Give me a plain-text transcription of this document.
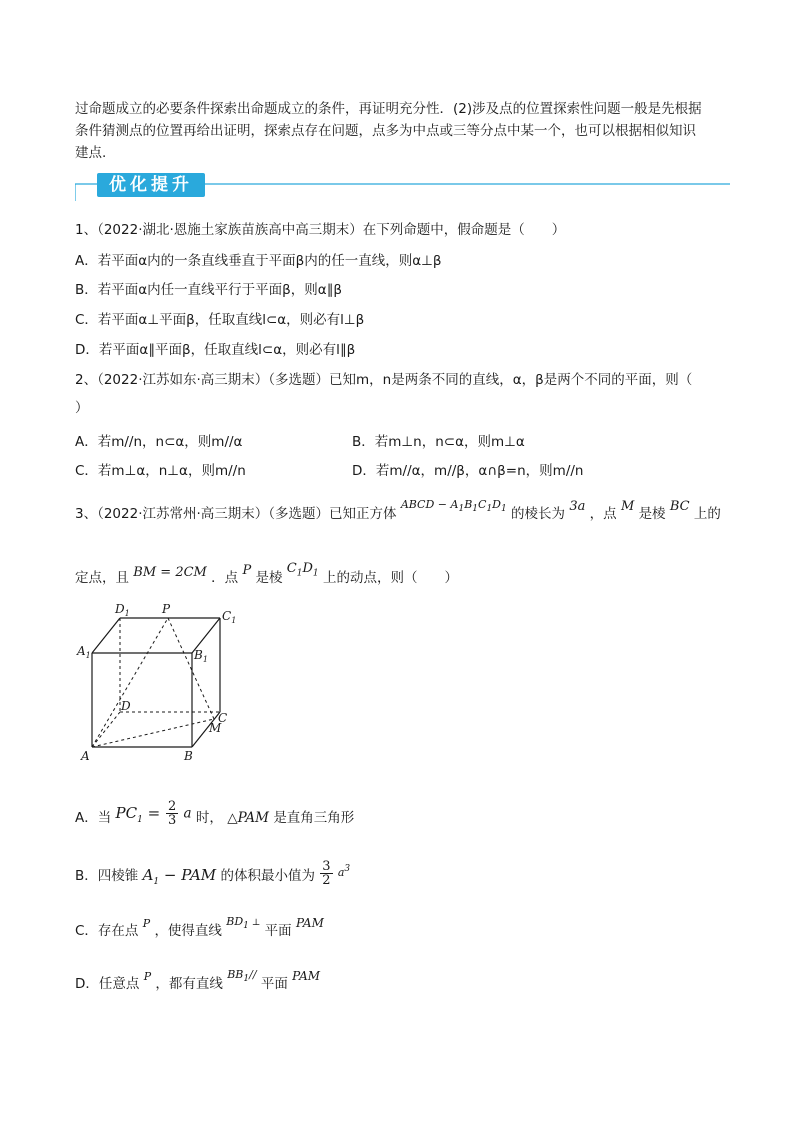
过命题成立的必要条件探索出命题成立的条件，再证明充分性．(2)涉及点的位置探索性问题一般是先根据
条件猜测点的位置再给出证明，探索点存在问题，点多为中点或三等分点中某一个，也可以根据相似知识
建点.
优化提升
1、（2022·湖北·恩施土家族苗族高中高三期末）在下列命题中，假命题是（　　）
A．若平面α内的一条直线垂直于平面β内的任一直线，则α⊥β
B．若平面α内任一直线平行于平面β，则α∥β
C．若平面α⊥平面β，任取直线l⊂α，则必有l⊥β
D．若平面α∥平面β，任取直线l⊂α，则必有l∥β
2、（2022·江苏如东·高三期末）（多选题）已知m，n是两条不同的直线，α，β是两个不同的平面，则（
）
A．若m//n，n⊂α，则m//α	B．若m⊥n，n⊂α，则m⊥α
C．若m⊥α，n⊥α，则m//n	D．若m//α，m//β，α∩β=n，则m//n
3、（2022·江苏常州·高三期末）（多选题）已知正方体 $^{ABCD - A_1B_1C_1D_1}$ 的棱长为 3a ，点 M 是棱 BC 上的
定点，且 BM = 2CM ．点 P 是棱 $C_1D_1$ 上的动点，则（　　）
$D_1$	P	$C_1$
$A_1$	$B_1$
D
C
M
A	B
A．当 $PC_1 = \frac{2}{3}$ a 时， △PAM 是直角三角形
B．四棱锥 $A_1$ − PAM 的体积最小值为 $\frac{3}{2} a^3$
C．存在点 $^P$ ，使得直线 $^{BD_1 \perp}$ 平面 PAM
D．任意点 $^P$ ，都有直线 $^{BB_1//}$ 平面 PAM
